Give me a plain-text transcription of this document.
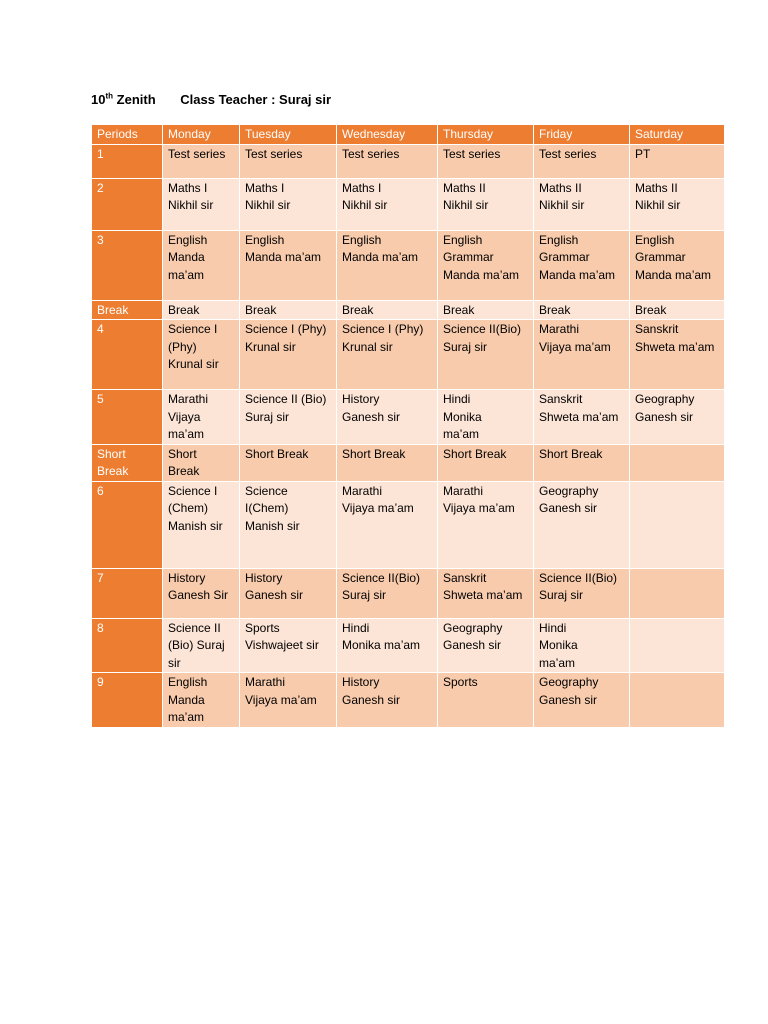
10th Zenith Class Teacher : Suraj sir
Periods	Monday	Tuesday	Wednesday	Thursday	Friday	Saturday

1	Test series	Test series	Test series	Test series	Test series	PT

2	Maths I
Nikhil sir	Maths I
Nikhil sir	Maths I
Nikhil sir	Maths II
Nikhil sir	Maths II
Nikhil sir	Maths II
Nikhil sir

3	English
Manda
ma’am	English
Manda ma’am	English
Manda ma’am	English
Grammar
Manda ma’am	English
Grammar
Manda ma’am	English
Grammar
Manda ma’am

Break	Break	Break	Break	Break	Break	Break

4	Science I
(Phy)
Krunal sir	Science I (Phy)
Krunal sir	Science I (Phy)
Krunal sir	Science II(Bio)
Suraj sir	Marathi
Vijaya ma’am	Sanskrit
Shweta ma’am

5	Marathi
Vijaya
ma’am	Science II (Bio)
Suraj sir	History
Ganesh sir	Hindi
Monika
ma’am	Sanskrit
Shweta ma’am	Geography
Ganesh sir

Short
Break	Short
Break	Short Break	Short Break	Short Break	Short Break	

6	Science I
(Chem)
Manish sir	Science
I(Chem)
Manish sir	Marathi
Vijaya ma’am	Marathi
Vijaya ma’am	Geography
Ganesh sir	

7	History
Ganesh Sir	History
Ganesh sir	Science II(Bio)
Suraj sir	Sanskrit
Shweta ma’am	Science II(Bio)
Suraj sir	

8	Science II
(Bio) Suraj
sir	Sports
Vishwajeet sir	Hindi
Monika ma’am	Geography
Ganesh sir	Hindi
Monika
ma’am	

9	English
Manda
ma’am	Marathi
Vijaya ma’am	History
Ganesh sir	Sports	Geography
Ganesh sir	
